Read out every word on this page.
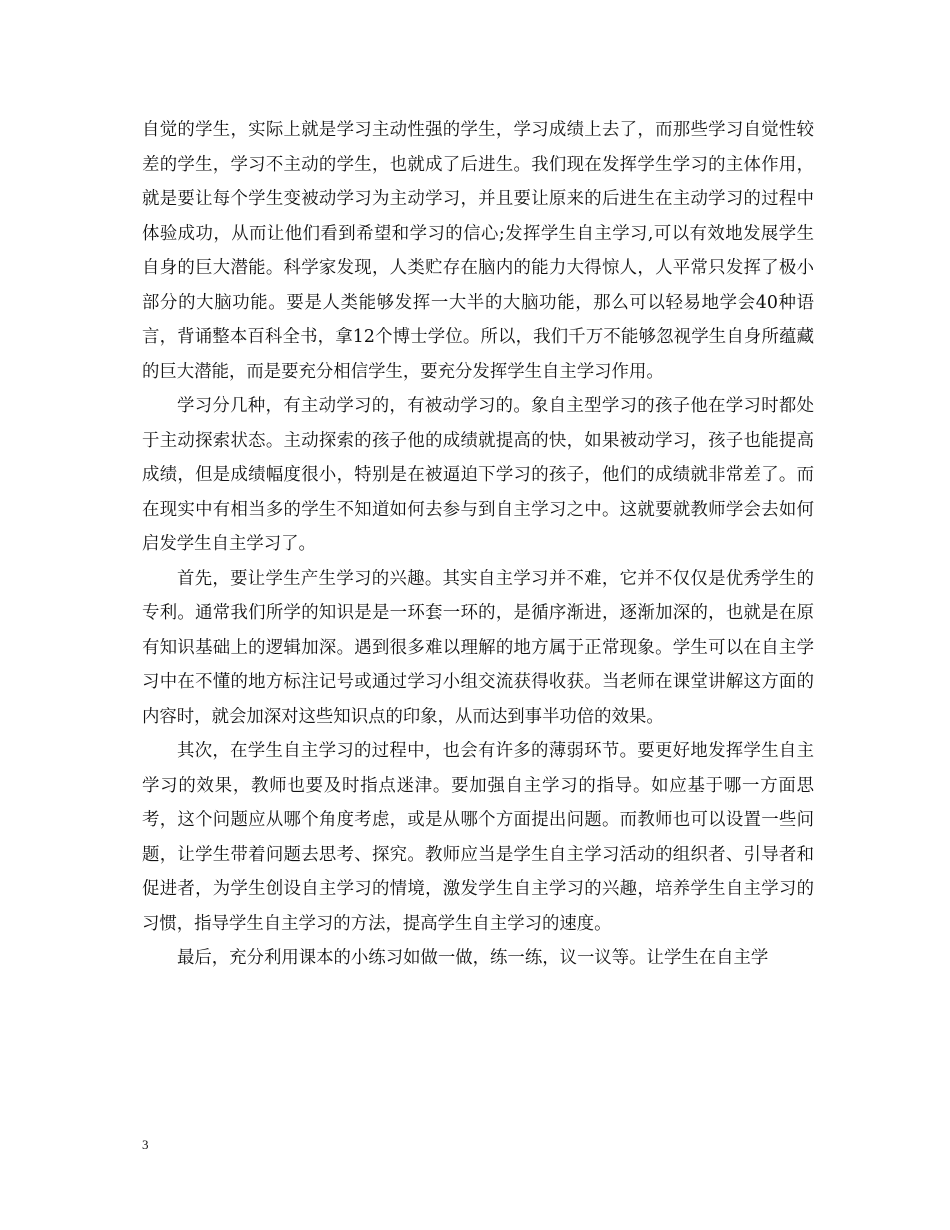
自觉的学生，实际上就是学习主动性强的学生，学习成绩上去了，而那些学习自觉性较差的学生，学习不主动的学生，也就成了后进生。我们现在发挥学生学习的主体作用，就是要让每个学生变被动学习为主动学习，并且要让原来的后进生在主动学习的过程中体验成功，从而让他们看到希望和学习的信心;发挥学生自主学习,可以有效地发展学生自身的巨大潜能。科学家发现，人类贮存在脑内的能力大得惊人，人平常只发挥了极小部分的大脑功能。要是人类能够发挥一大半的大脑功能，那么可以轻易地学会40种语言，背诵整本百科全书，拿12个博士学位。所以，我们千万不能够忽视学生自身所蕴藏的巨大潜能，而是要充分相信学生，要充分发挥学生自主学习作用。

学习分几种，有主动学习的，有被动学习的。象自主型学习的孩子他在学习时都处于主动探索状态。主动探索的孩子他的成绩就提高的快，如果被动学习，孩子也能提高成绩，但是成绩幅度很小，特别是在被逼迫下学习的孩子，他们的成绩就非常差了。而在现实中有相当多的学生不知道如何去参与到自主学习之中。这就要就教师学会去如何启发学生自主学习了。

首先，要让学生产生学习的兴趣。其实自主学习并不难，它并不仅仅是优秀学生的专利。通常我们所学的知识是是一环套一环的，是循序渐进，逐渐加深的，也就是在原有知识基础上的逻辑加深。遇到很多难以理解的地方属于正常现象。学生可以在自主学习中在不懂的地方标注记号或通过学习小组交流获得收获。当老师在课堂讲解这方面的内容时，就会加深对这些知识点的印象，从而达到事半功倍的效果。

其次，在学生自主学习的过程中，也会有许多的薄弱环节。要更好地发挥学生自主学习的效果，教师也要及时指点迷津。要加强自主学习的指导。如应基于哪一方面思考，这个问题应从哪个角度考虑，或是从哪个方面提出问题。而教师也可以设置一些问题，让学生带着问题去思考、探究。教师应当是学生自主学习活动的组织者、引导者和促进者，为学生创设自主学习的情境，激发学生自主学习的兴趣，培养学生自主学习的习惯，指导学生自主学习的方法，提高学生自主学习的速度。

最后，充分利用课本的小练习如做一做，练一练，议一议等。让学生在自主学

3
